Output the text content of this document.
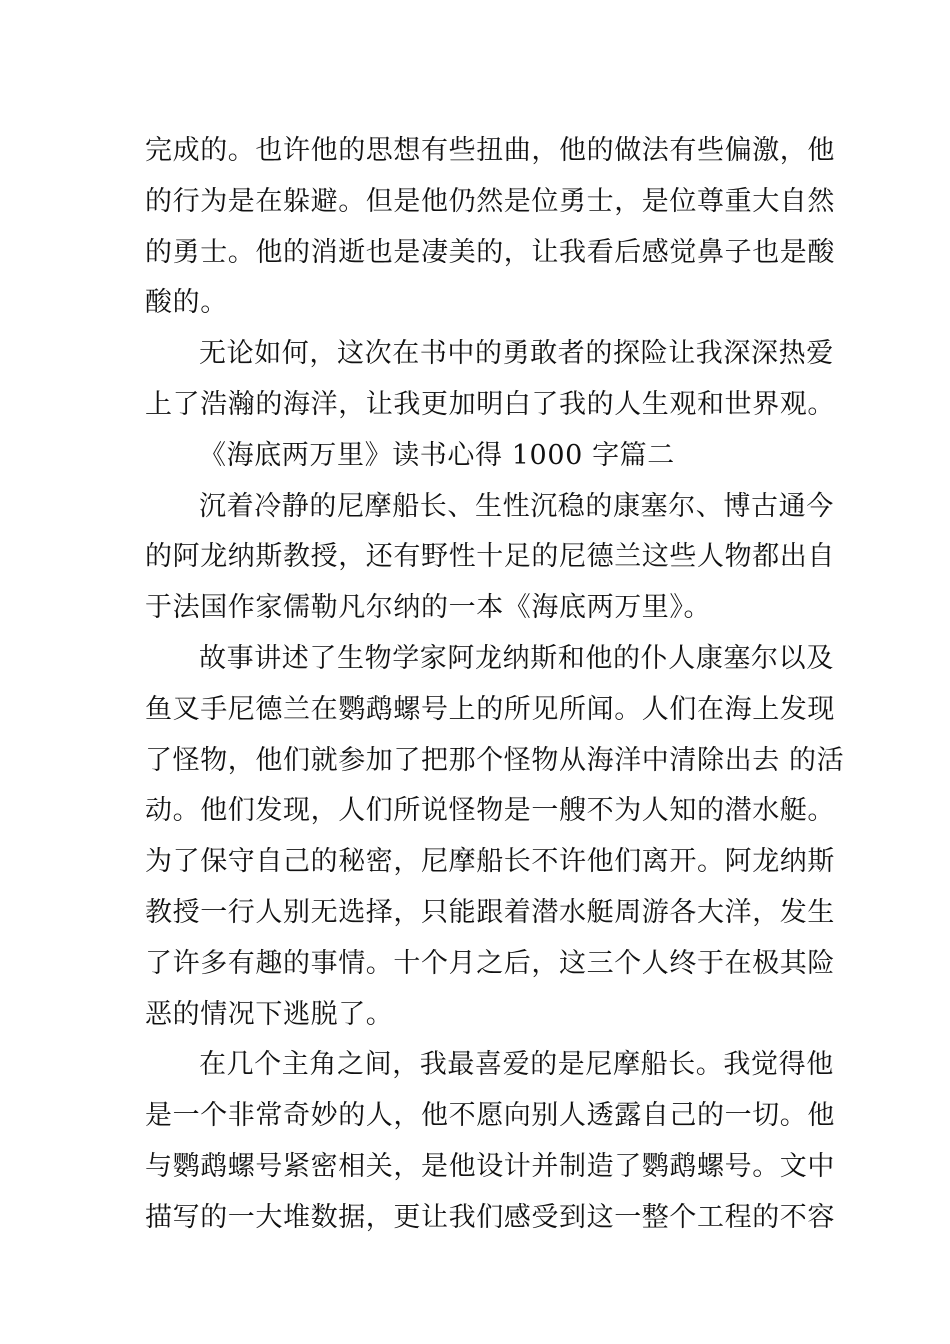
完成的。也许他的思想有些扭曲，他的做法有些偏激，他
的行为是在躲避。但是他仍然是位勇士，是位尊重大自然
的勇士。他的消逝也是凄美的，让我看后感觉鼻子也是酸
酸的。
无论如何，这次在书中的勇敢者的探险让我深深热爱
上了浩瀚的海洋，让我更加明白了我的人生观和世界观。
《海底两万里》读书心得 1000 字篇二
沉着冷静的尼摩船长、生性沉稳的康塞尔、博古通今
的阿龙纳斯教授，还有野性十足的尼德兰这些人物都出自
于法国作家儒勒凡尔纳的一本《海底两万里》。
故事讲述了生物学家阿龙纳斯和他的仆人康塞尔以及
鱼叉手尼德兰在鹦鹉螺号上的所见所闻。人们在海上发现
了怪物，他们就参加了把那个怪物从海洋中清除出去 的活
动。他们发现，人们所说怪物是一艘不为人知的潜水艇。
为了保守自己的秘密，尼摩船长不许他们离开。阿龙纳斯
教授一行人别无选择，只能跟着潜水艇周游各大洋，发生
了许多有趣的事情。十个月之后，这三个人终于在极其险
恶的情况下逃脱了。
在几个主角之间，我最喜爱的是尼摩船长。我觉得他
是一个非常奇妙的人，他不愿向别人透露自己的一切。他
与鹦鹉螺号紧密相关，是他设计并制造了鹦鹉螺号。文中
描写的一大堆数据，更让我们感受到这一整个工程的不容
